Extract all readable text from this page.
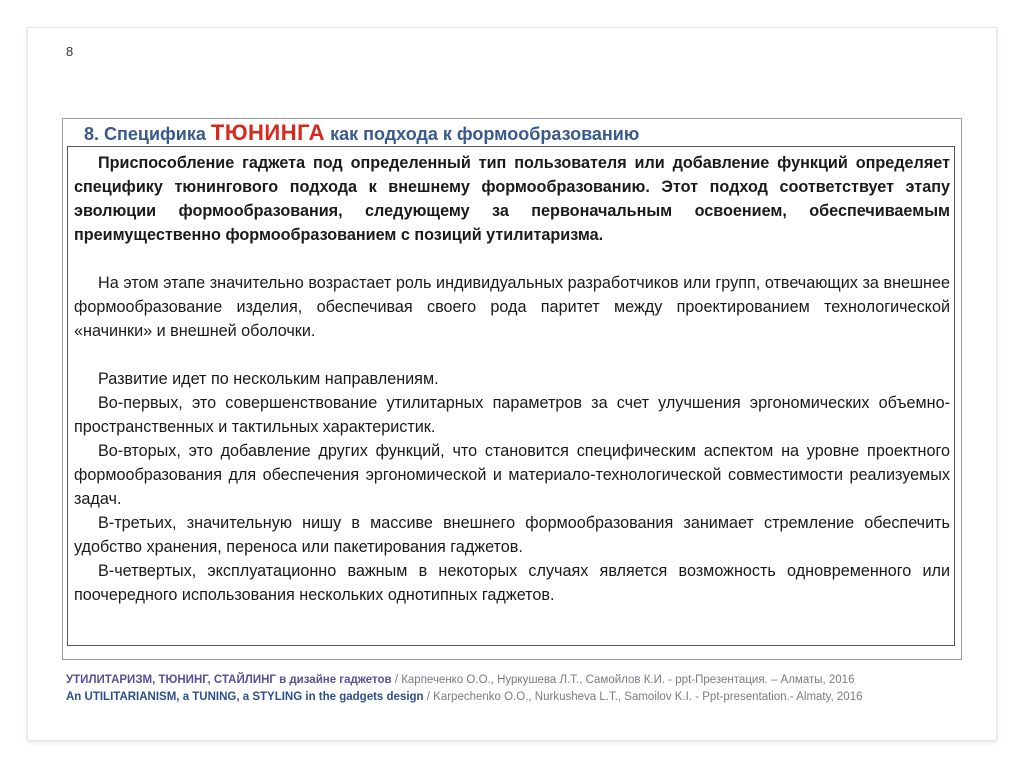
8
8. Специфика ТЮНИНГА как подхода к формообразованию

Приспособление гаджета под определенный тип пользователя или добавление функций определяет специфику тюнингового подхода к внешнему формообразованию. Этот подход соответствует этапу эволюции формообразования, следующему за первоначальным освоением, обеспечиваемым преимущественно формообразованием с позиций утилитаризма.

На этом этапе значительно возрастает роль индивидуальных разработчиков или групп, отвечающих за внешнее формообразование изделия, обеспечивая своего рода паритет между проектированием технологической «начинки» и внешней оболочки.

Развитие идет по нескольким направлениям.

Во-первых, это совершенствование утилитарных параметров за счет улучшения эргономических объемно-пространственных и тактильных характеристик.

Во-вторых, это добавление других функций, что становится специфическим аспектом на уровне проектного формообразования для обеспечения эргономической и материало-технологической совместимости реализуемых задач.

В-третьих, значительную нишу в массиве внешнего формообразования занимает стремление обеспечить удобство хранения, переноса или пакетирования гаджетов.

В-четвертых, эксплуатационно важным в некоторых случаях является возможность одновременного или поочередного использования нескольких однотипных гаджетов.

УТИЛИТАРИЗМ, ТЮНИНГ, СТАЙЛИНГ в дизайне гаджетов / Карпеченко О.О., Нуркушева Л.Т., Самойлов К.И. - ppt-Презентация. – Алматы, 2016
An UTILITARIANISM, a TUNING, a STYLING in the gadgets design / Karpechenko O.O., Nurkusheva L.T., Samoilov K.I. - Ppt-presentation.- Almaty, 2016
